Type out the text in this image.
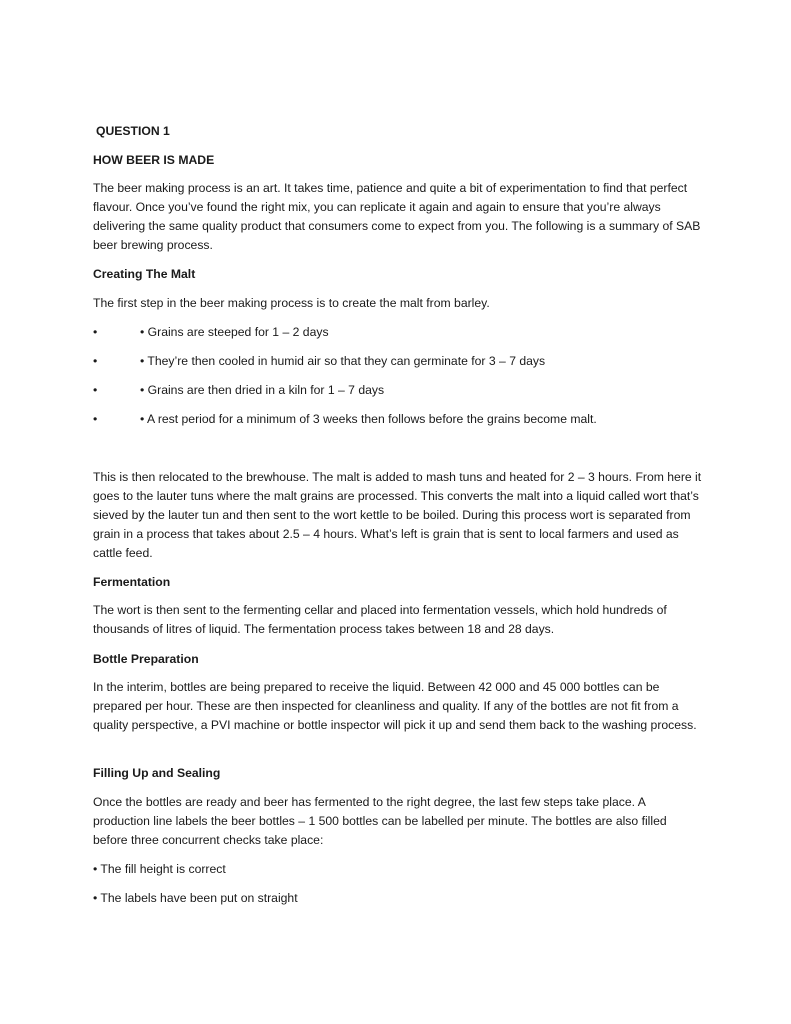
QUESTION 1
HOW BEER IS MADE

The beer making process is an art. It takes time, patience and quite a bit of experimentation to find that perfect flavour. Once you’ve found the right mix, you can replicate it again and again to ensure that you’re always delivering the same quality product that consumers come to expect from you. The following is a summary of SAB beer brewing process.

Creating The Malt
The first step in the beer making process is to create the malt from barley.
•	• Grains are steeped for 1 – 2 days
•	• They’re then cooled in humid air so that they can germinate for 3 – 7 days
•	• Grains are then dried in a kiln for 1 – 7 days
•	• A rest period for a minimum of 3 weeks then follows before the grains become malt.

This is then relocated to the brewhouse. The malt is added to mash tuns and heated for 2 – 3 hours. From here it goes to the lauter tuns where the malt grains are processed. This converts the malt into a liquid called wort that’s sieved by the lauter tun and then sent to the wort kettle to be boiled. During this process wort is separated from grain in a process that takes about 2.5 – 4 hours. What’s left is grain that is sent to local farmers and used as cattle feed.

Fermentation

The wort is then sent to the fermenting cellar and placed into fermentation vessels, which hold hundreds of thousands of litres of liquid. The fermentation process takes between 18 and 28 days.

Bottle Preparation

In the interim, bottles are being prepared to receive the liquid. Between 42 000 and 45 000 bottles can be prepared per hour. These are then inspected for cleanliness and quality. If any of the bottles are not fit from a quality perspective, a PVI machine or bottle inspector will pick it up and send them back to the washing process.

Filling Up and Sealing

Once the bottles are ready and beer has fermented to the right degree, the last few steps take place. A production line labels the beer bottles – 1 500 bottles can be labelled per minute. The bottles are also filled before three concurrent checks take place:

• The fill height is correct
• The labels have been put on straight
